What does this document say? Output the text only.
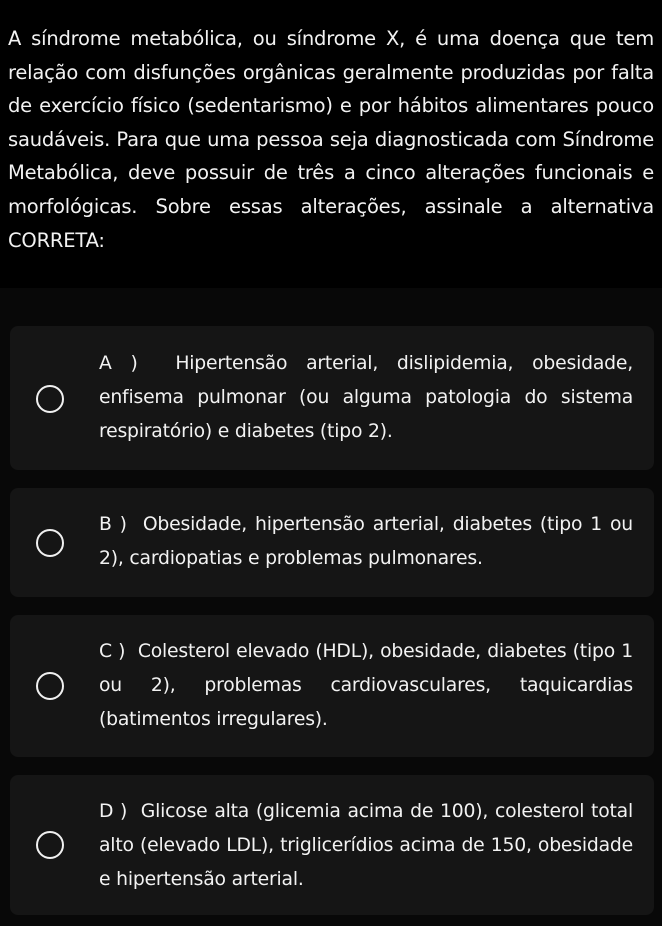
A síndrome metabólica, ou síndrome X, é uma doença que tem relação com disfunções orgânicas geralmente produzidas por falta de exercício físico (sedentarismo) e por hábitos alimentares pouco saudáveis. Para que uma pessoa seja diagnosticada com Síndrome Metabólica, deve possuir de três a cinco alterações funcionais e morfológicas. Sobre essas alterações, assinale a alternativa CORRETA:

A ) Hipertensão arterial, dislipidemia, obesidade, enfisema pulmonar (ou alguma patologia do sistema respiratório) e diabetes (tipo 2).

B ) Obesidade, hipertensão arterial, diabetes (tipo 1 ou 2), cardiopatias e problemas pulmonares.

C ) Colesterol elevado (HDL), obesidade, diabetes (tipo 1 ou 2), problemas cardiovasculares, taquicardias (batimentos irregulares).

D ) Glicose alta (glicemia acima de 100), colesterol total alto (elevado LDL), triglicerídios acima de 150, obesidade e hipertensão arterial.
